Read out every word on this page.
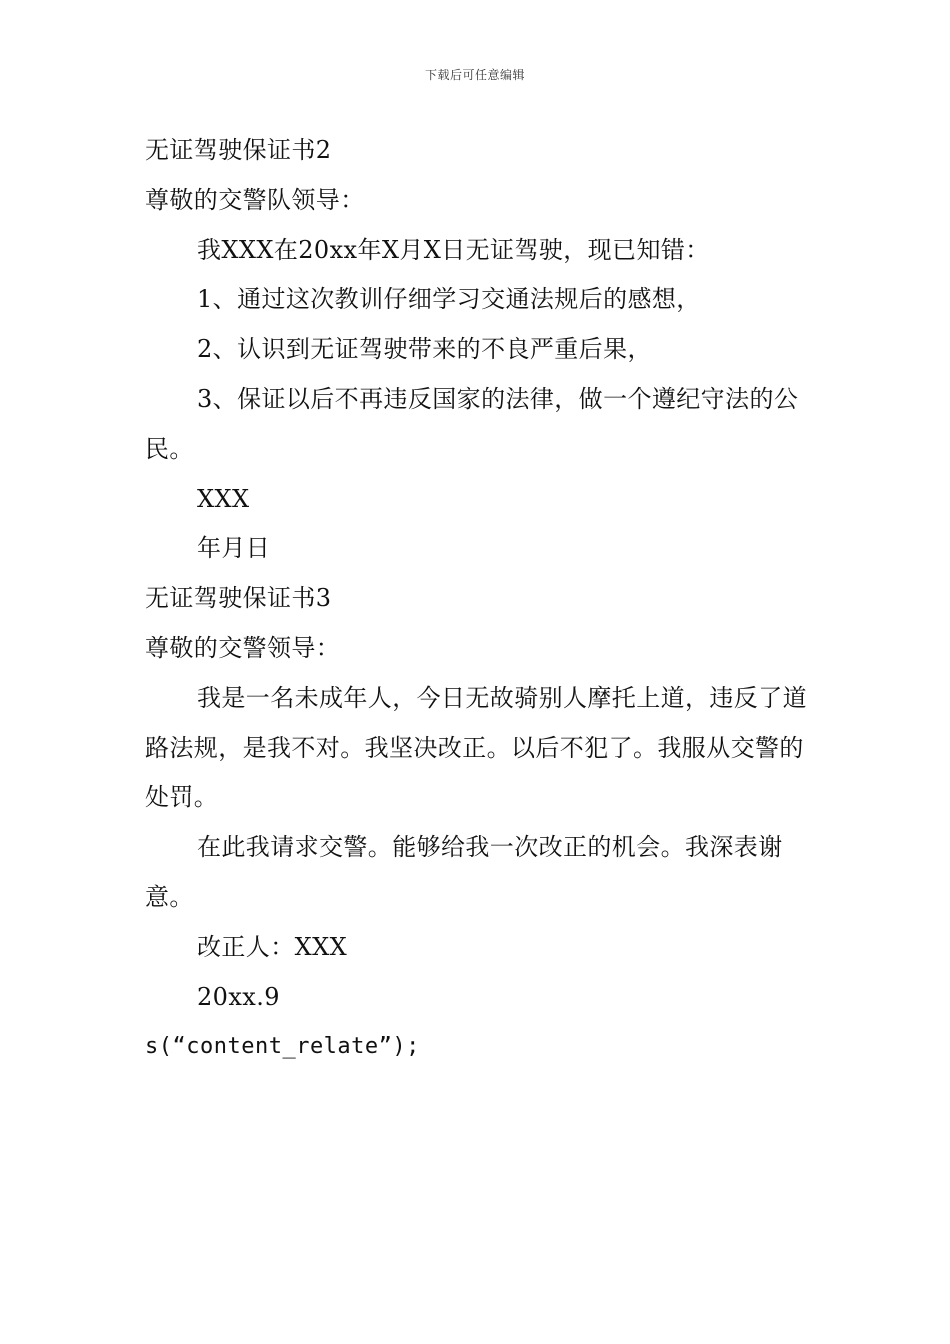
下载后可任意编辑
无证驾驶保证书2
尊敬的交警队领导：
我XXX在20xx年X月X日无证驾驶，现已知错：
1、通过这次教训仔细学习交通法规后的感想，
2、认识到无证驾驶带来的不良严重后果，
3、保证以后不再违反国家的法律，做一个遵纪守法的公民。
XXX
年月日
无证驾驶保证书3
尊敬的交警领导：
我是一名未成年人，今日无故骑别人摩托上道，违反了道路法规，是我不对。我坚决改正。以后不犯了。我服从交警的处罚。
在此我请求交警。能够给我一次改正的机会。我深表谢意。
改正人：XXX
20xx.9
s(“content_relate”);
